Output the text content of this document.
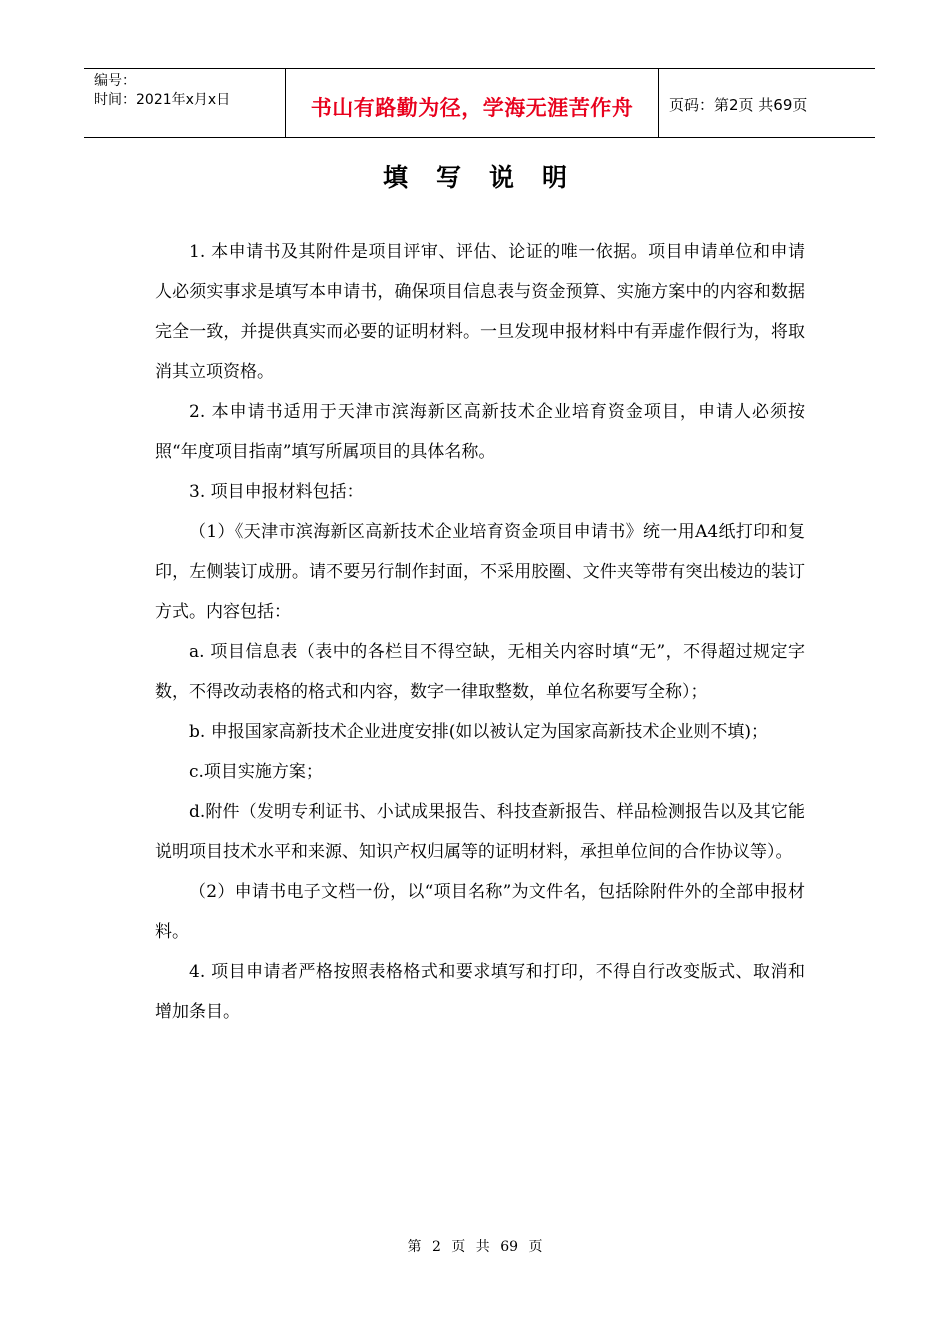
编号：
时间：2021年x月x日	书山有路勤为径，学海无涯苦作舟	页码：第2页 共69页
填写说明

1. 本申请书及其附件是项目评审、评估、论证的唯一依据。项目申请单位和申请人必须实事求是填写本申请书，确保项目信息表与资金预算、实施方案中的内容和数据完全一致，并提供真实而必要的证明材料。一旦发现申报材料中有弄虚作假行为，将取消其立项资格。

2. 本申请书适用于天津市滨海新区高新技术企业培育资金项目，申请人必须按照“年度项目指南”填写所属项目的具体名称。

3. 项目申报材料包括：

（1）《天津市滨海新区高新技术企业培育资金项目申请书》统一用A4纸打印和复印，左侧装订成册。请不要另行制作封面，不采用胶圈、文件夹等带有突出棱边的装订方式。内容包括：

a. 项目信息表（表中的各栏目不得空缺，无相关内容时填“无”，不得超过规定字数，不得改动表格的格式和内容，数字一律取整数，单位名称要写全称）；

b. 申报国家高新技术企业进度安排(如以被认定为国家高新技术企业则不填)；

c.项目实施方案；

d.附件（发明专利证书、小试成果报告、科技查新报告、样品检测报告以及其它能说明项目技术水平和来源、知识产权归属等的证明材料，承担单位间的合作协议等）。

（2）申请书电子文档一份，以“项目名称”为文件名，包括除附件外的全部申报材料。

4. 项目申请者严格按照表格格式和要求填写和打印，不得自行改变版式、取消和增加条目。

第 2 页 共 69 页
